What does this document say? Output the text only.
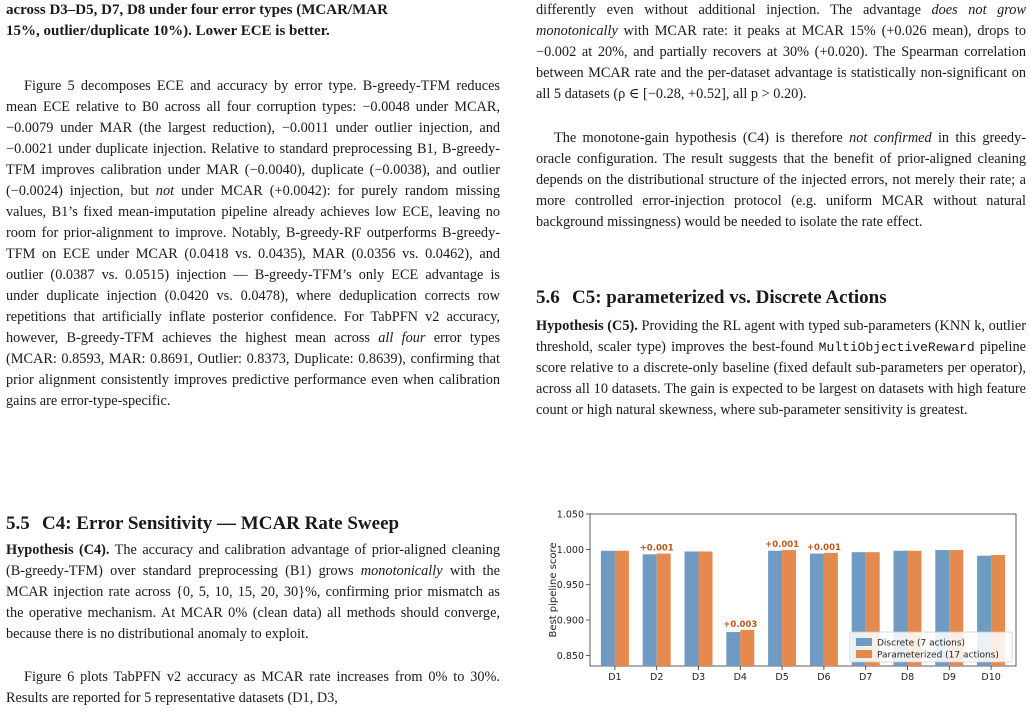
across D3–D5, D7, D8 under four error types (MCAR/MAR
15%, outlier/duplicate 10%). Lower ECE is better.

Figure 5 decomposes ECE and accuracy by error type. B-greedy-TFM reduces mean ECE relative to B0 across all four corruption types: −0.0048 under MCAR, −0.0079 under MAR (the largest reduction), −0.0011 under outlier injection, and −0.0021 under duplicate injection. Relative to standard preprocessing B1, B-greedy-TFM improves calibration under MAR (−0.0040), duplicate (−0.0038), and outlier (−0.0024) injection, but not under MCAR (+0.0042): for purely random missing values, B1’s fixed mean-imputation pipeline already achieves low ECE, leaving no room for prior-alignment to improve. Notably, B-greedy-RF outperforms B-greedy-TFM on ECE under MCAR (0.0418 vs. 0.0435), MAR (0.0356 vs. 0.0462), and outlier (0.0387 vs. 0.0515) injection — B-greedy-TFM’s only ECE advantage is under duplicate injection (0.0420 vs. 0.0478), where deduplication corrects row repetitions that artificially inflate posterior confidence. For TabPFN v2 accuracy, however, B-greedy-TFM achieves the highest mean across all four error types (MCAR: 0.8593, MAR: 0.8691, Outlier: 0.8373, Duplicate: 0.8639), confirming that prior alignment consistently improves predictive performance even when calibration gains are error-type-specific.

5.5 C4: Error Sensitivity — MCAR Rate Sweep

Hypothesis (C4). The accuracy and calibration advantage of prior-aligned cleaning (B-greedy-TFM) over standard preprocessing (B1) grows monotonically with the MCAR injection rate across {0, 5, 10, 15, 20, 30}%, confirming prior mismatch as the operative mechanism. At MCAR 0% (clean data) all methods should converge, because there is no distributional anomaly to exploit.

Figure 6 plots TabPFN v2 accuracy as MCAR rate increases from 0% to 30%. Results are reported for 5 representative datasets (D1, D3,

differently even without additional injection. The advantage does not grow monotonically with MCAR rate: it peaks at MCAR 15% (+0.026 mean), drops to −0.002 at 20%, and partially recovers at 30% (+0.020). The Spearman correlation between MCAR rate and the per-dataset advantage is statistically non-significant on all 5 datasets (ρ ∈ [−0.28, +0.52], all p > 0.20).

The monotone-gain hypothesis (C4) is therefore not confirmed in this greedy-oracle configuration. The result suggests that the benefit of prior-aligned cleaning depends on the distributional structure of the injected errors, not merely their rate; a more controlled error-injection protocol (e.g. uniform MCAR without natural background missingness) would be needed to isolate the rate effect.

5.6 C5: parameterized vs. Discrete Actions

Hypothesis (C5). Providing the RL agent with typed sub-parameters (KNN k, outlier threshold, scaler type) improves the best-found MultiObjectiveReward pipeline score relative to a discrete-only baseline (fixed default sub-parameters per operator), across all 10 datasets. The gain is expected to be largest on datasets with high feature count or high natural skewness, where sub-parameter sensitivity is greatest.

1.050
1.000
0.950
0.900
0.850
Best pipeline score
D1	D2	D3	D4	D5	D6	D7	D8	D9	D10
+0.001
+0.003
+0.001 +0.001
Discrete (7 actions)
Parameterized (17 actions)
